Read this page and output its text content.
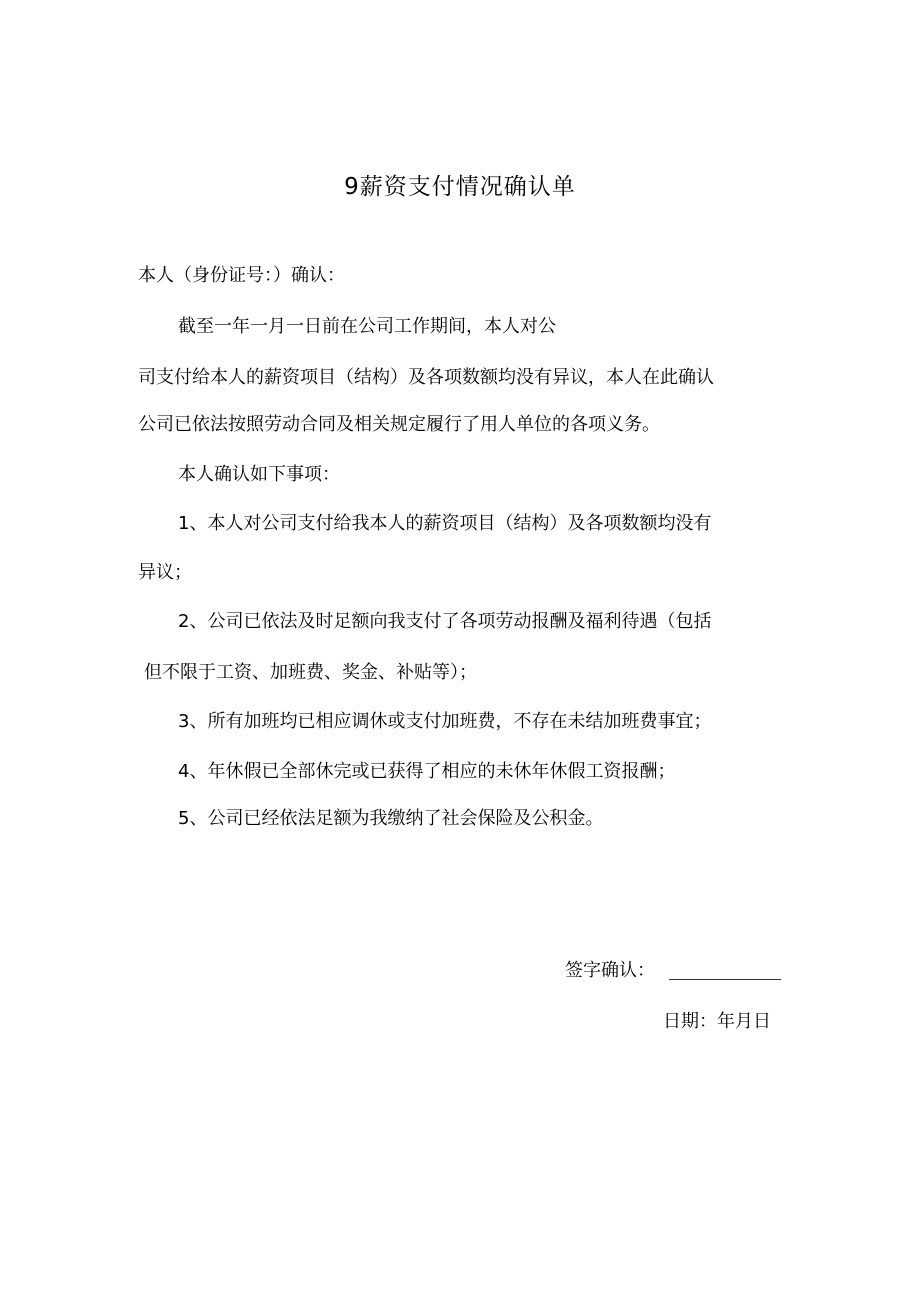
9薪资支付情况确认单
本人（身份证号：）确认：
截至一年一月一日前在公司工作期间，本人对公
司支付给本人的薪资项目（结构）及各项数额均没有异议，本人在此确认
公司已依法按照劳动合同及相关规定履行了用人单位的各项义务。
本人确认如下事项：
1、本人对公司支付给我本人的薪资项目（结构）及各项数额均没有
异议；
2、公司已依法及时足额向我支付了各项劳动报酬及福利待遇（包括
但不限于工资、加班费、奖金、补贴等）；
3、所有加班均已相应调休或支付加班费，不存在未结加班费事宜；
4、年休假已全部休完或已获得了相应的未休年休假工资报酬；
5、公司已经依法足额为我缴纳了社会保险及公积金。
签字确认：
日期：年月日
